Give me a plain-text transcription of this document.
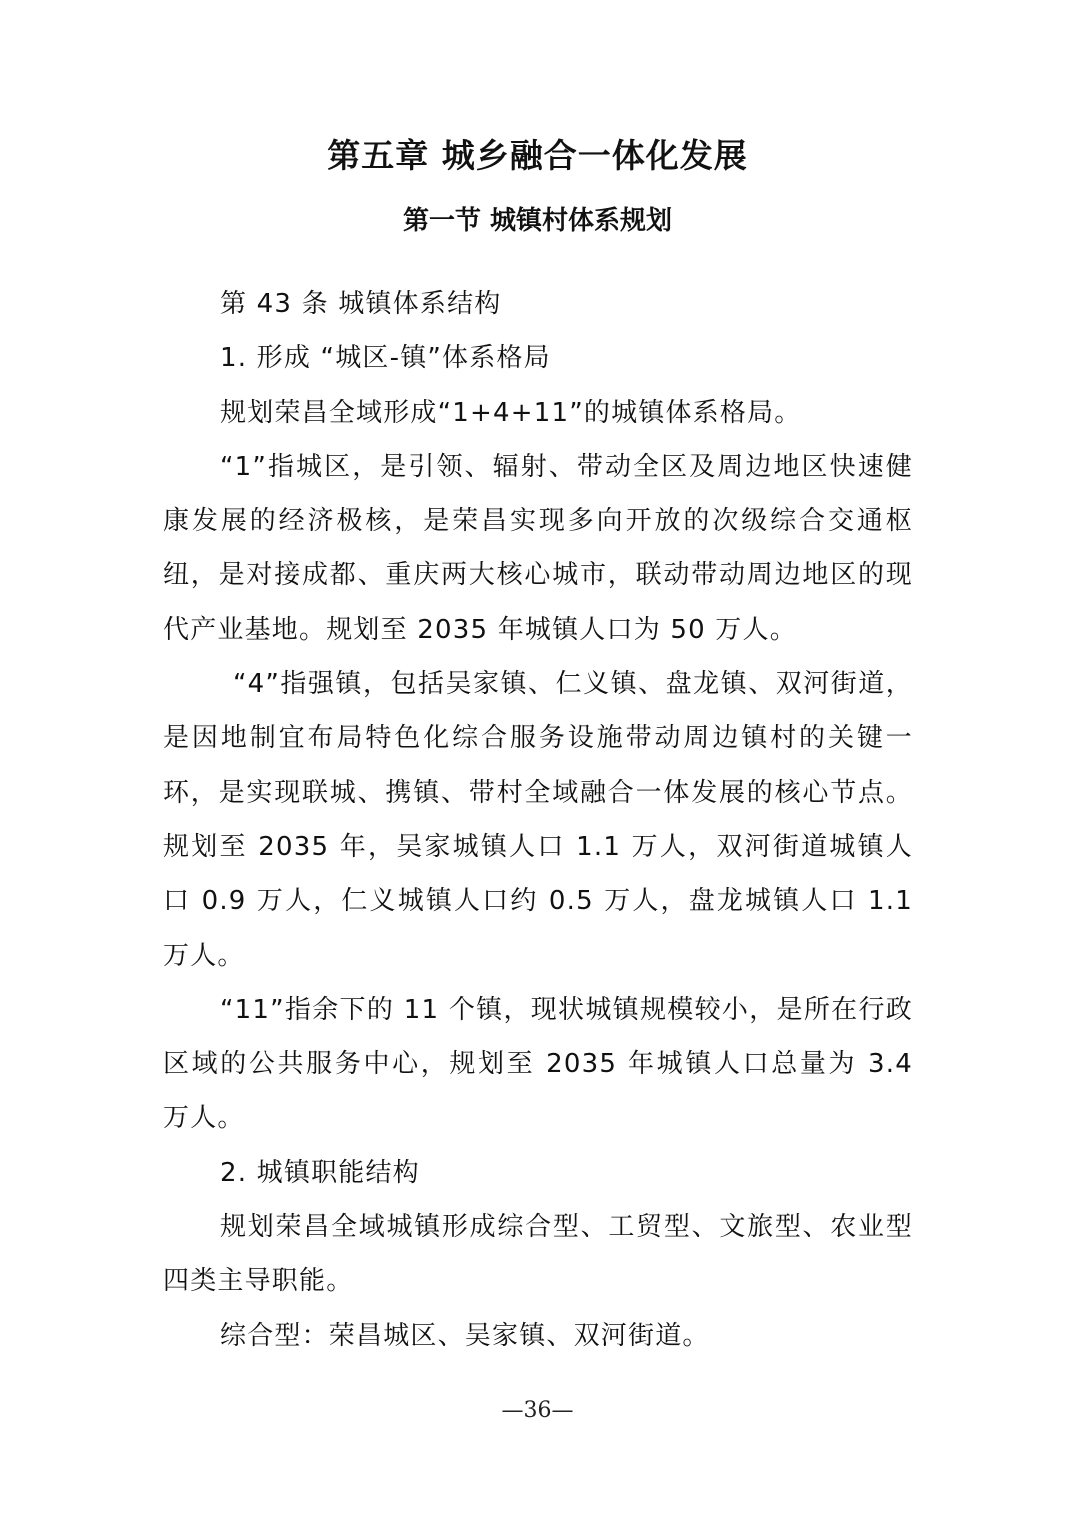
第五章 城乡融合一体化发展
第一节 城镇村体系规划

第 43 条 城镇体系结构

1. 形成 “城区-镇”体系格局

规划荣昌全域形成“1+4+11”的城镇体系格局。

“1”指城区，是引领、辐射、带动全区及周边地区快速健康发展的经济极核，是荣昌实现多向开放的次级综合交通枢纽，是对接成都、重庆两大核心城市，联动带动周边地区的现代产业基地。规划至 2035 年城镇人口为 50 万人。

“4”指强镇，包括吴家镇、仁义镇、盘龙镇、双河街道，是因地制宜布局特色化综合服务设施带动周边镇村的关键一环，是实现联城、携镇、带村全域融合一体发展的核心节点。规划至 2035 年，吴家城镇人口 1.1 万人，双河街道城镇人口 0.9 万人，仁义城镇人口约 0.5 万人，盘龙城镇人口 1.1 万人。

“11”指余下的 11 个镇，现状城镇规模较小，是所在行政区域的公共服务中心，规划至 2035 年城镇人口总量为 3.4 万人。

2. 城镇职能结构

规划荣昌全域城镇形成综合型、工贸型、文旅型、农业型四类主导职能。

综合型：荣昌城区、吴家镇、双河街道。

—36—
